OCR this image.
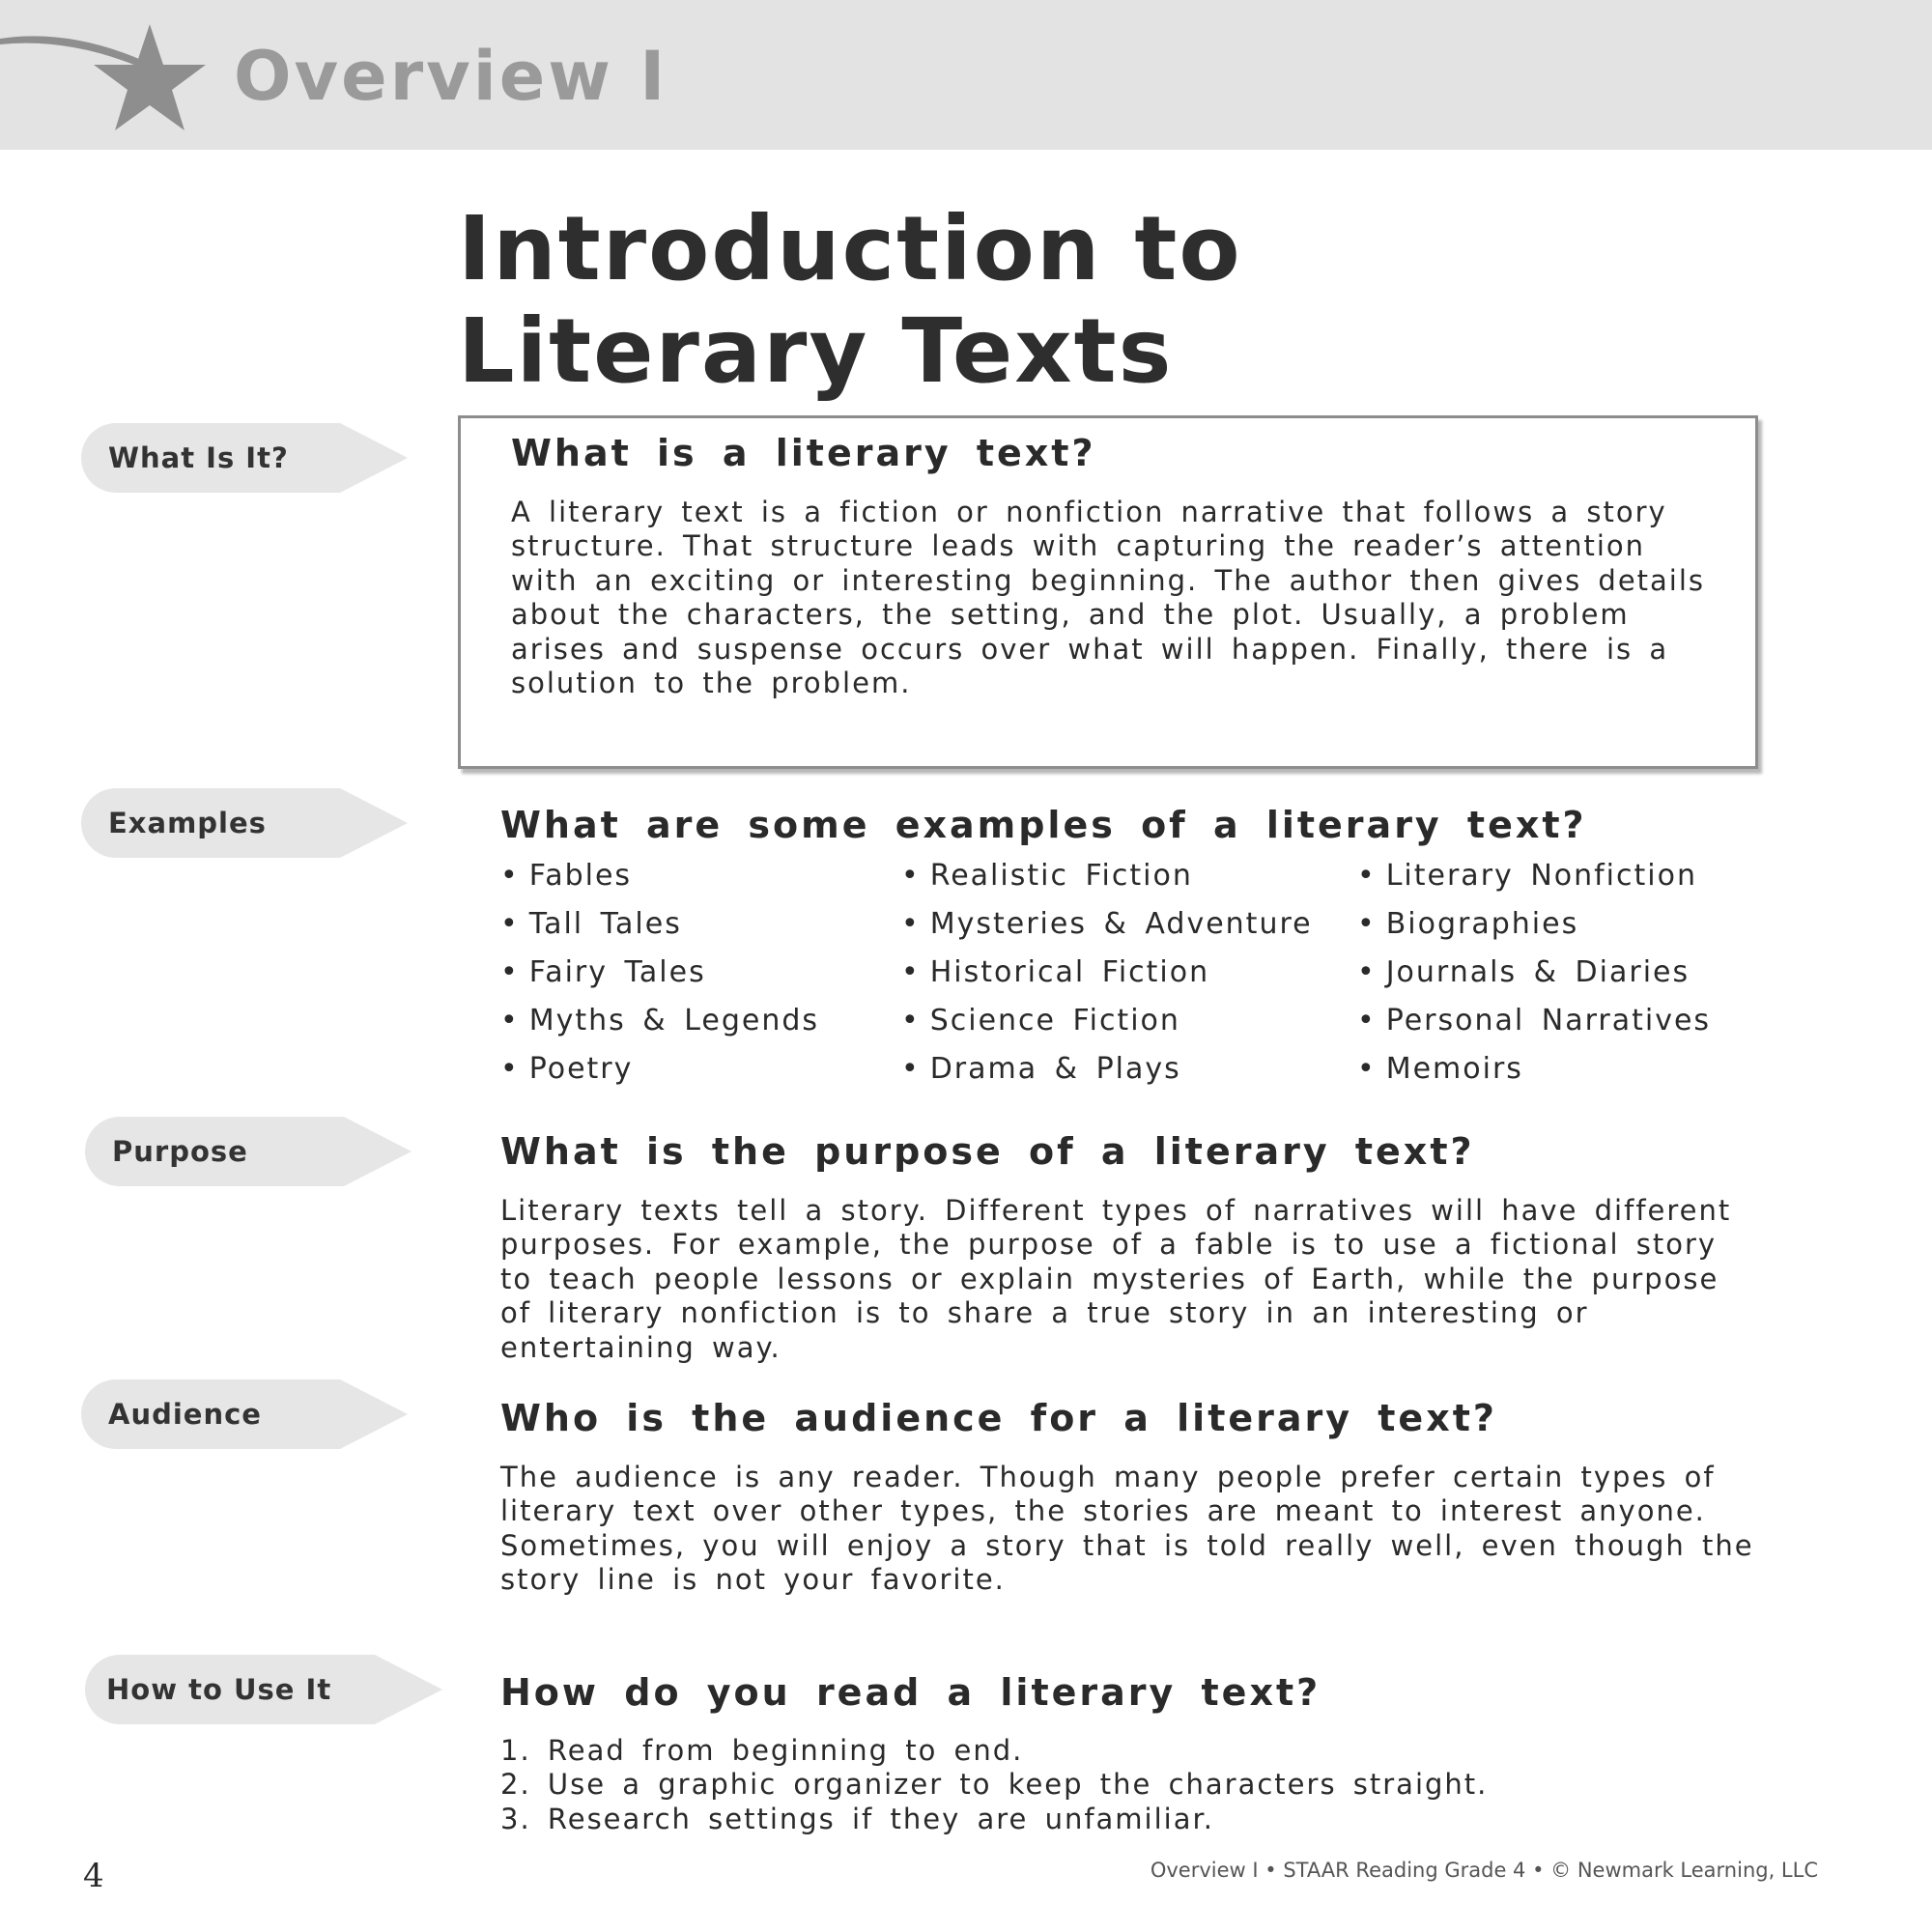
Overview I
Introduction to
Literary Texts
What Is It?
Examples
Purpose
Audience
How to Use It
What is a literary text?

A literary text is a fiction or nonfiction narrative that follows a story structure. That structure leads with capturing the reader’s attention with an exciting or interesting beginning. The author then gives details about the characters, the setting, and the plot. Usually, a problem arises and suspense occurs over what will happen. Finally, there is a solution to the problem.

What are some examples of a literary text?
• Fables
• Tall Tales
• Fairy Tales
• Myths & Legends
• Poetry
• Realistic Fiction
• Mysteries & Adventure
• Historical Fiction
• Science Fiction
• Drama & Plays
• Literary Nonfiction
• Biographies
• Journals & Diaries
• Personal Narratives
• Memoirs
What is the purpose of a literary text?

Literary texts tell a story. Different types of narratives will have different purposes. For example, the purpose of a fable is to use a fictional story to teach people lessons or explain mysteries of Earth, while the purpose of literary nonfiction is to share a true story in an interesting or entertaining way.

Who is the audience for a literary text?

The audience is any reader. Though many people prefer certain types of literary text over other types, the stories are meant to interest anyone. Sometimes, you will enjoy a story that is told really well, even though the story line is not your favorite.

How do you read a literary text?
1. Read from beginning to end.
2. Use a graphic organizer to keep the characters straight.
3. Research settings if they are unfamiliar.
4	Overview I • STAAR Reading Grade 4 • © Newmark Learning, LLC
